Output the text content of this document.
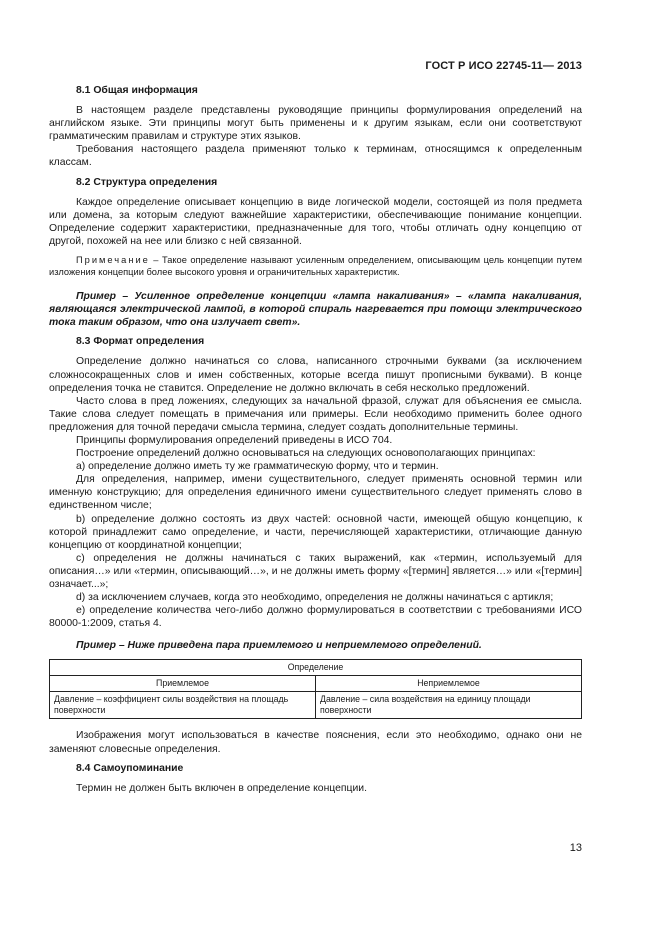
ГОСТ Р ИСО 22745-11— 2013
8.1 Общая информация

В настоящем разделе представлены руководящие принципы формулирования определений на английском языке. Эти принципы могут быть применены и к другим языкам, если они соответствуют грамматическим правилам и структуре этих языков.

Требования настоящего раздела применяют только к терминам, относящимся к определенным классам.

8.2 Структура определения

Каждое определение описывает концепцию в виде логической модели, состоящей из поля предмета или домена, за которым следуют важнейшие характеристики, обеспечивающие понимание концепции. Определение содержит характеристики, предназначенные для того, чтобы отличать одну концепцию от другой, похожей на нее или близко с ней связанной.

Примечание – Такое определение называют усиленным определением, описывающим цель концепции путем изложения концепции более высокого уровня и ограничительных характеристик.

Пример – Усиленное определение концепции «лампа накаливания» – «лампа накаливания, являющаяся электрической лампой, в которой спираль нагревается при помощи электрического тока таким образом, что она излучает свет».

8.3 Формат определения

Определение должно начинаться со слова, написанного строчными буквами (за исключением сложносокращенных слов и имен собственных, которые всегда пишут прописными буквами). В конце определения точка не ставится. Определение не должно включать в себя несколько предложений.

Часто слова в пред ложениях, следующих за начальной фразой, служат для объяснения ее смысла. Такие слова следует помещать в примечания или примеры. Если необходимо применить более одного предложения для точной передачи смысла термина, следует создать дополнительные термины.

Принципы формулирования определений приведены в ИСО 704.

Построение определений должно основываться на следующих основополагающих принципах:

а) определение должно иметь ту же грамматическую форму, что и термин.

Для определения, например, имени существительного, следует применять основной термин или именную конструкцию; для определения единичного имени существительного следует применять слово в единственном числе;

b) определение должно состоять из двух частей: основной части, имеющей общую концепцию, к которой принадлежит само определение, и части, перечисляющей характеристики, отличающие данную концепцию от координатной концепции;

с) определения не должны начинаться с таких выражений, как «термин, используемый для описания…» или «термин, описывающий…», и не должны иметь форму «[термин] является…» или «[термин] означает...»;

d) за исключением случаев, когда это необходимо, определения не должны начинаться с артикля;

е) определение количества чего-либо должно формулироваться в соответствии с требованиями ИСО 80000-1:2009, статья 4.

Пример – Ниже приведена пара приемлемого и неприемлемого определений.

Определение	
Приемлемое	Неприемлемое
Давление – коэффициент силы воздействия на площадь поверхности	Давление – сила воздействия на единицу площади поверхности

Изображения могут использоваться в качестве пояснения, если это необходимо, однако они не заменяют словесные определения.

8.4 Самоупоминание

Термин не должен быть включен в определение концепции.

13
